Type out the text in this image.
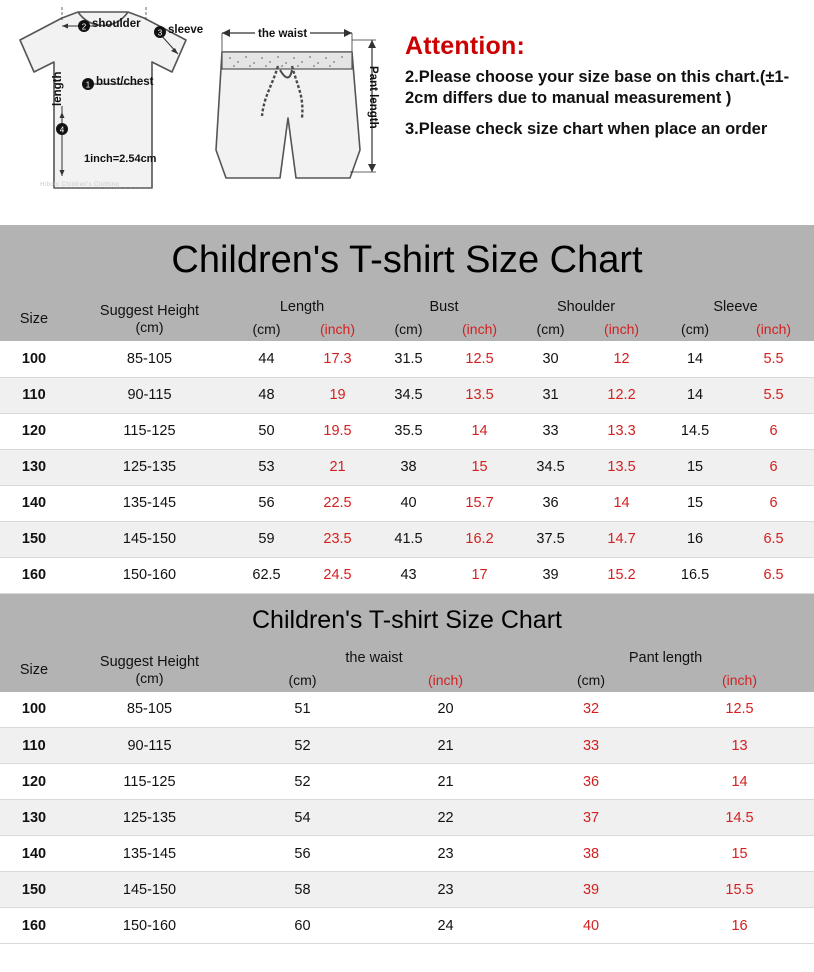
2
3
1
4
shoulder sleeve
bust/chest
length
1inch=2.54cm
Hibobi Children's Clothing
the waist
Pant length
Attention:
2.Please choose your size base on this chart.(±1-2cm differs due to manual measurement )
3.Please check size chart when place an order
Children's T-shirt Size Chart
Size	Suggest Height
(cm)	Length		Bust		Shoulder		Sleeve	
		(cm)	(inch)	(cm)	(inch)	(cm)	(inch)	(cm)	(inch)
100	85-105	44	17.3	31.5	12.5	30	12	14	5.5
110	90-115	48	19	34.5	13.5	31	12.2	14	5.5
120	115-125	50	19.5	35.5	14	33	13.3	14.5	6
130	125-135	53	21	38	15	34.5	13.5	15	6
140	135-145	56	22.5	40	15.7	36	14	15	6
150	145-150	59	23.5	41.5	16.2	37.5	14.7	16	6.5
160	150-160	62.5	24.5	43	17	39	15.2	16.5	6.5
Children's T-shirt Size Chart
Size	Suggest Height
(cm)	the waist		Pant length	
		(cm)	(inch)	(cm)	(inch)
100	85-105	51	20	32	12.5
110	90-115	52	21	33	13
120	115-125	52	21	36	14
130	125-135	54	22	37	14.5
140	135-145	56	23	38	15
150	145-150	58	23	39	15.5
160	150-160	60	24	40	16
